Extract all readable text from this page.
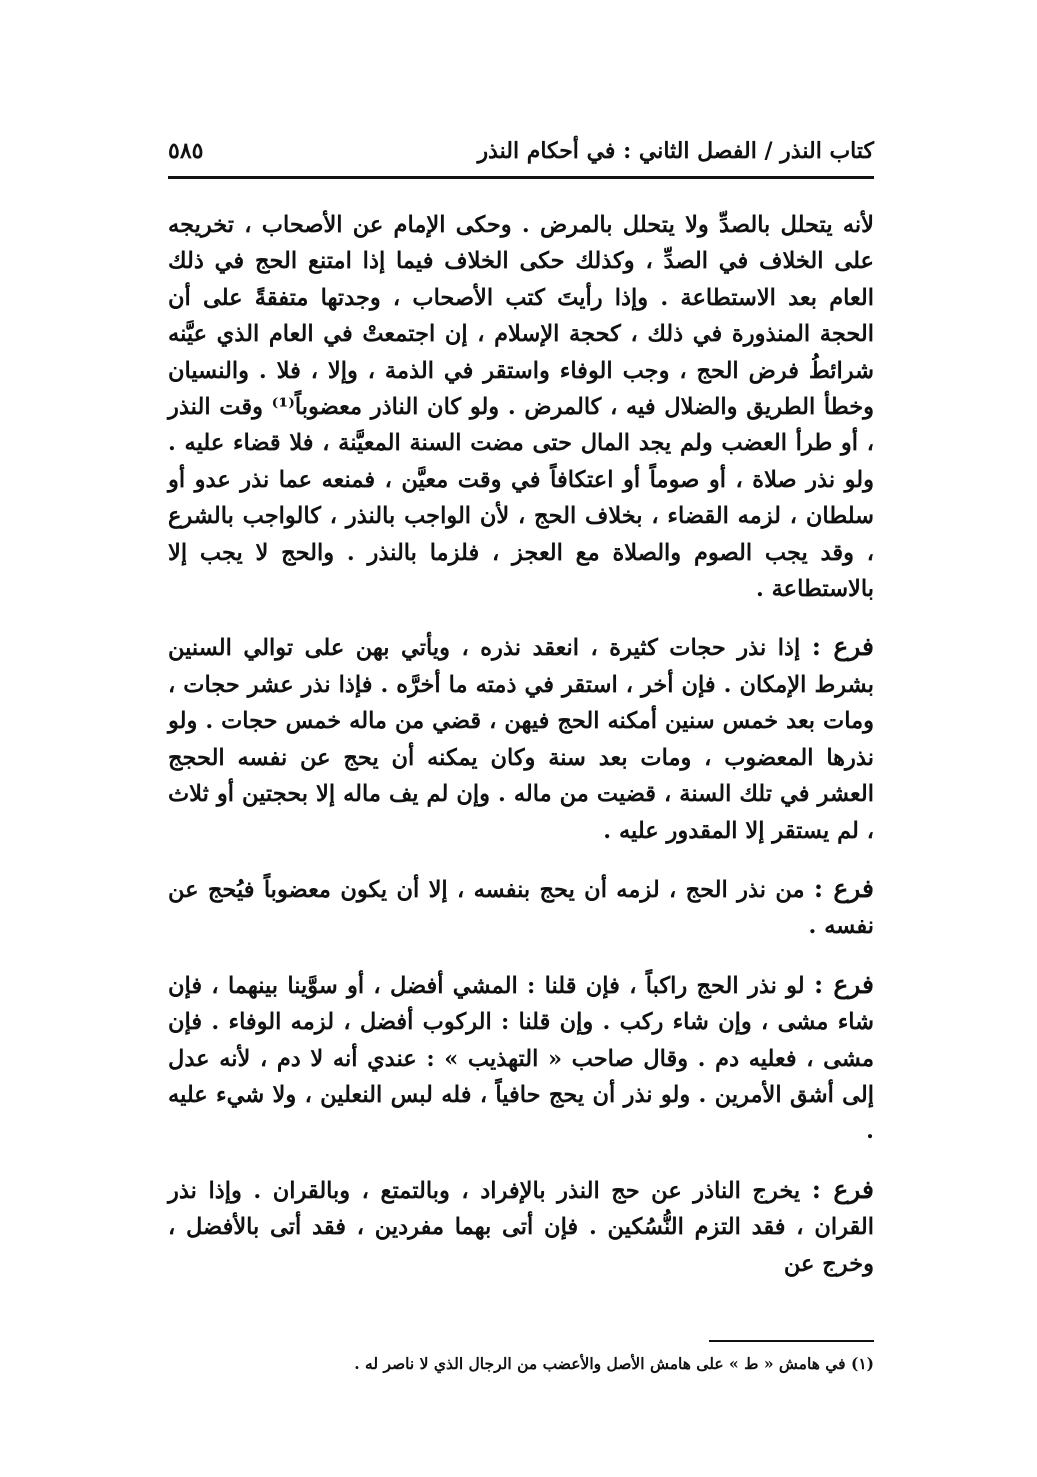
كتاب النذر / الفصل الثاني : في أحكام النذر
٥٨٥

لأنه يتحلل بالصدِّ ولا يتحلل بالمرض . وحكى الإمام عن الأصحاب ، تخريجه على الخلاف في الصدِّ ، وكذلك حكى الخلاف فيما إذا امتنع الحج في ذلك العام بعد الاستطاعة . وإذا رأيتَ كتب الأصحاب ، وجدتها متفقةً على أن الحجة المنذورة في ذلك ، كحجة الإسلام ، إن اجتمعتْ في العام الذي عيَّنه شرائطُ فرض الحج ، وجب الوفاء واستقر في الذمة ، وإلا ، فلا . والنسيان وخطأ الطريق والضلال فيه ، كالمرض . ولو كان الناذر معضوباً⁽¹⁾ وقت النذر ، أو طرأ العضب ولم يجد المال حتى مضت السنة المعيَّنة ، فلا قضاء عليه . ولو نذر صلاة ، أو صوماً أو اعتكافاً في وقت معيَّن ، فمنعه عما نذر عدو أو سلطان ، لزمه القضاء ، بخلاف الحج ، لأن الواجب بالنذر ، كالواجب بالشرع ، وقد يجب الصوم والصلاة مع العجز ، فلزما بالنذر . والحج لا يجب إلا بالاستطاعة .

فرع : إذا نذر حجات كثيرة ، انعقد نذره ، ويأتي بهن على توالي السنين بشرط الإمكان . فإن أخر ، استقر في ذمته ما أخرَّه . فإذا نذر عشر حجات ، ومات بعد خمس سنين أمكنه الحج فيهن ، قضي من ماله خمس حجات . ولو نذرها المعضوب ، ومات بعد سنة وكان يمكنه أن يحج عن نفسه الحجج العشر في تلك السنة ، قضيت من ماله . وإن لم يف ماله إلا بحجتين أو ثلاث ، لم يستقر إلا المقدور عليه .

فرع : من نذر الحج ، لزمه أن يحج بنفسه ، إلا أن يكون معضوباً فيُحج عن نفسه .

فرع : لو نذر الحج راكباً ، فإن قلنا : المشي أفضل ، أو سوَّينا بينهما ، فإن شاء مشى ، وإن شاء ركب . وإن قلنا : الركوب أفضل ، لزمه الوفاء . فإن مشى ، فعليه دم . وقال صاحب « التهذيب » : عندي أنه لا دم ، لأنه عدل إلى أشق الأمرين . ولو نذر أن يحج حافياً ، فله لبس النعلين ، ولا شيء عليه .

فرع : يخرج الناذر عن حج النذر بالإفراد ، وبالتمتع ، وبالقران . وإذا نذر القران ، فقد التزم النُّسُكين . فإن أتى بهما مفردين ، فقد أتى بالأفضل ، وخرج عن

(١) في هامش « ط » على هامش الأصل والأعضب من الرجال الذي لا ناصر له .
